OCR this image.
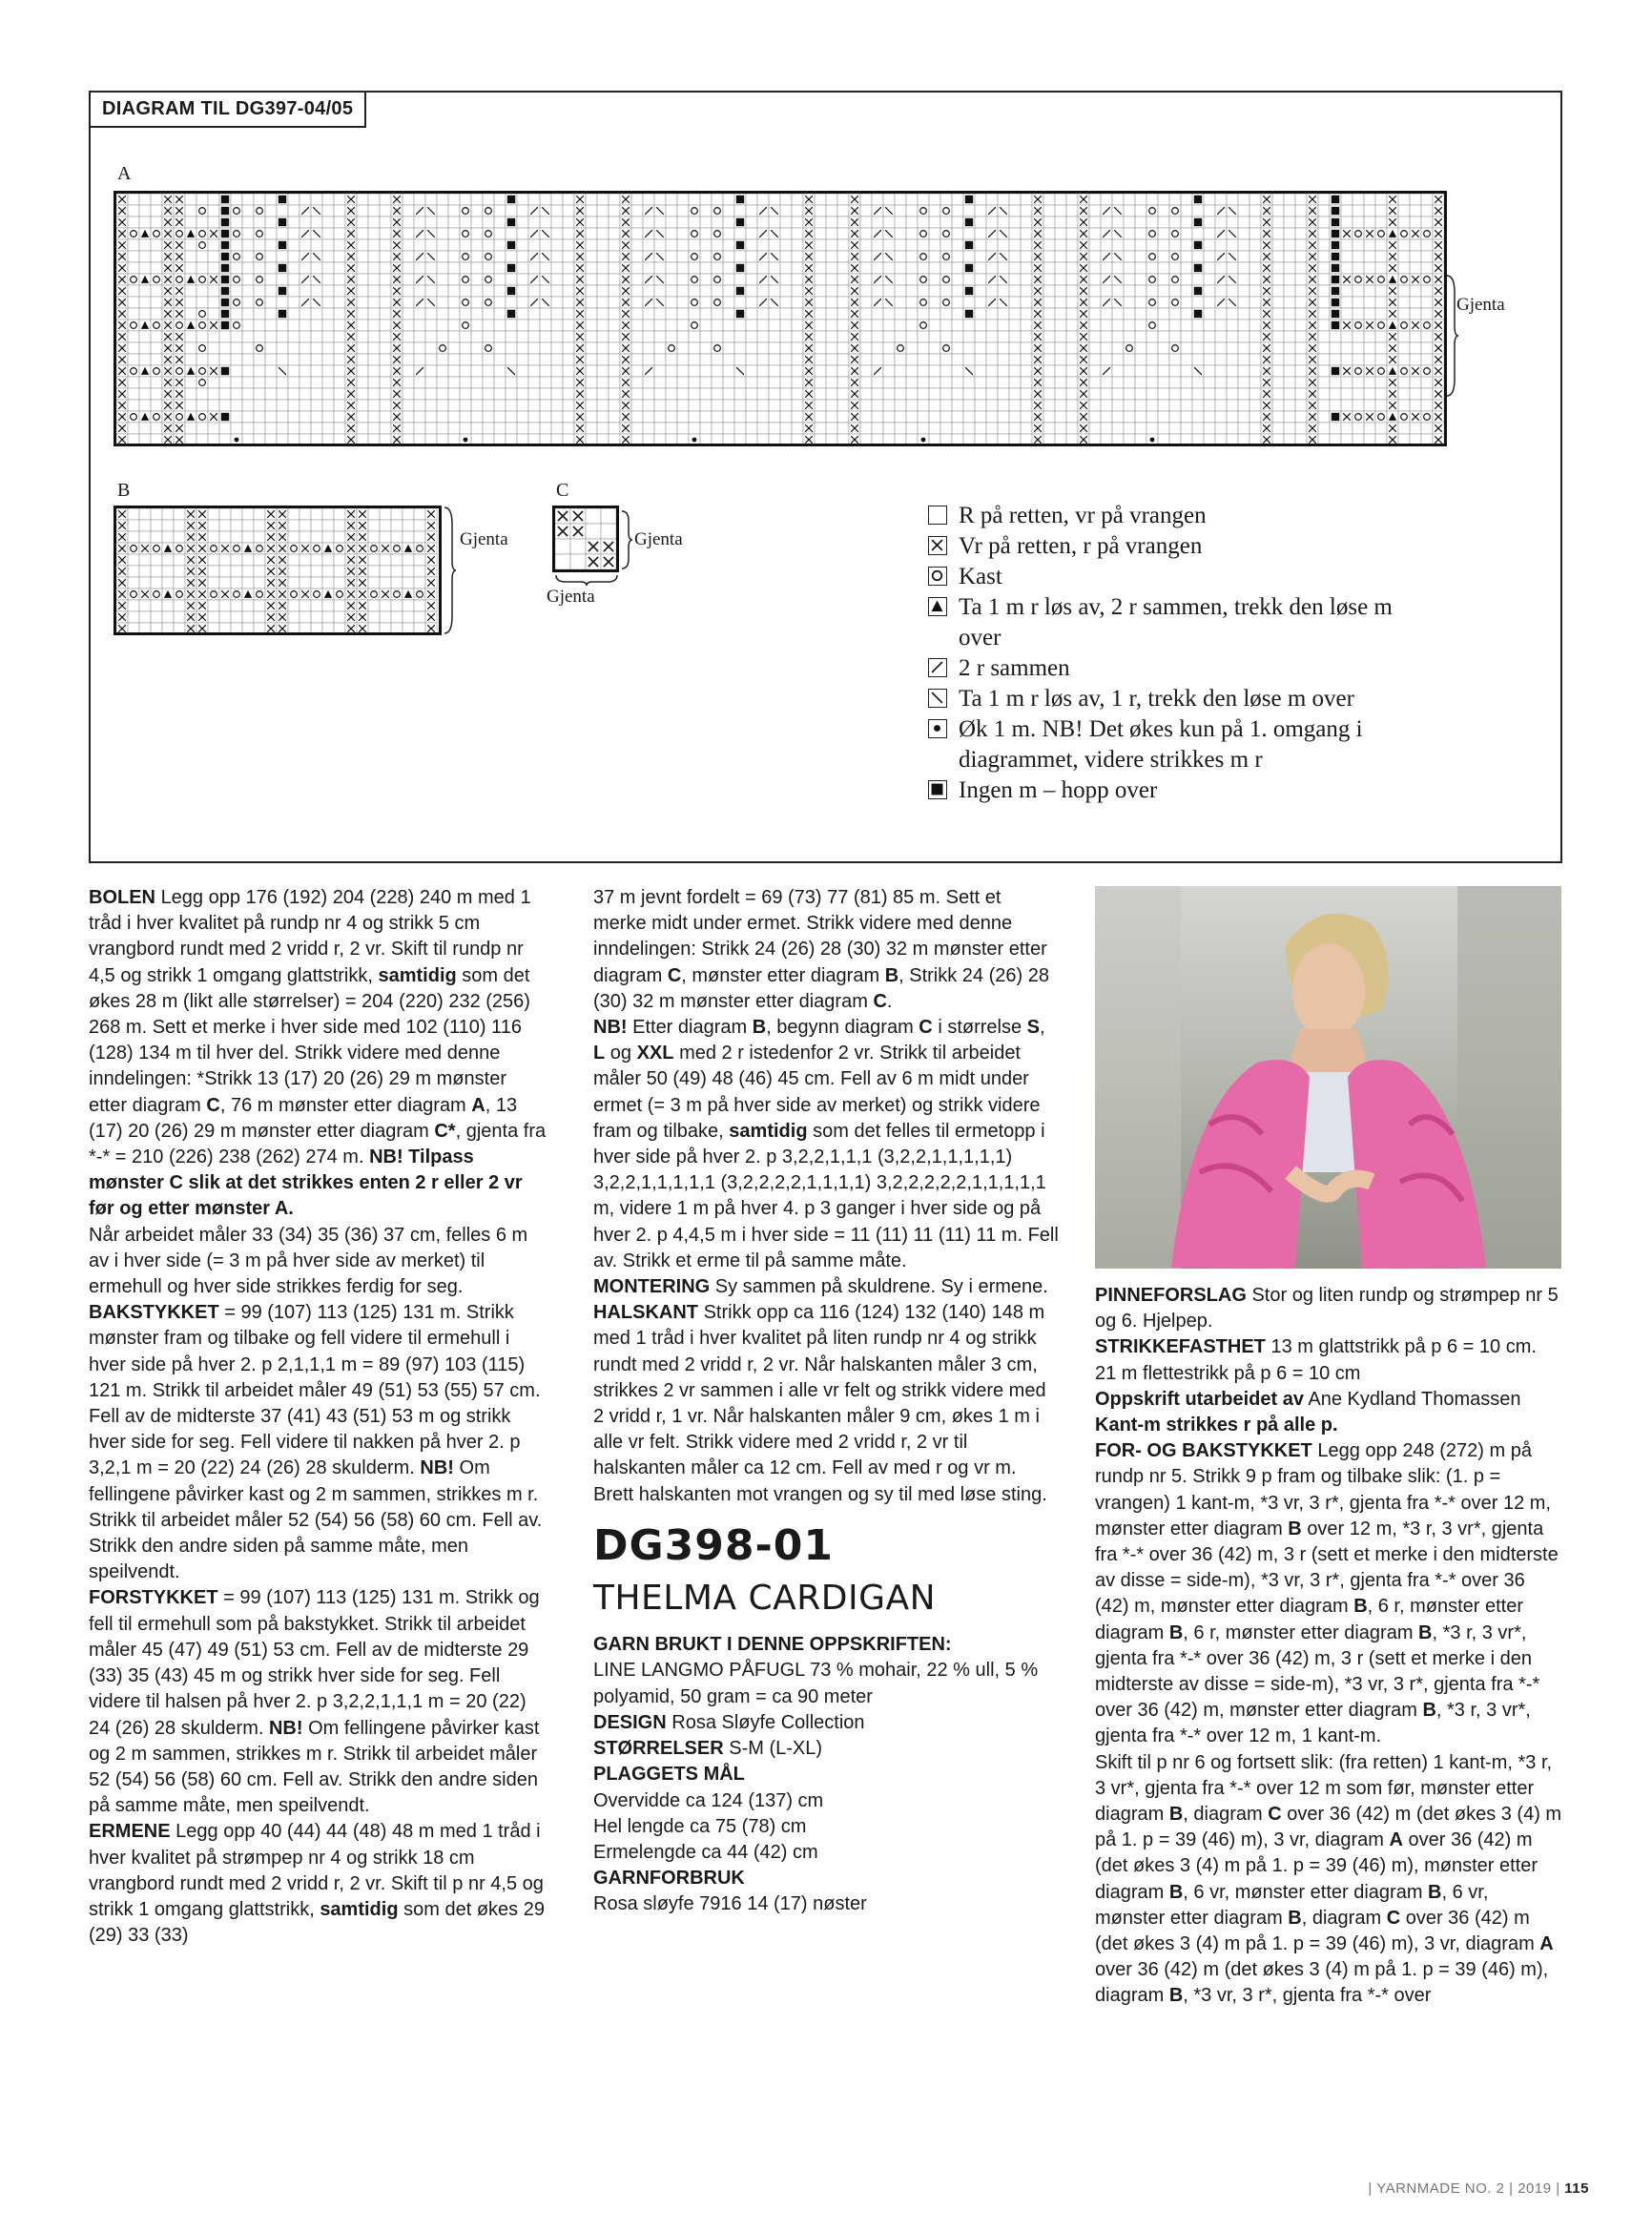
DIAGRAM TIL DG397-04/05
A
Gjenta
B
Gjenta
C
Gjenta
Gjenta
R på retten, vr på vrangen
Vr på retten, r på vrangen
Kast
Ta 1 m r løs av, 2 r sammen, trekk den løse m over
2 r sammen
Ta 1 m r løs av, 1 r, trekk den løse m over
Øk 1 m. NB! Det økes kun på 1. omgang i diagrammet, videre strikkes m r
Ingen m – hopp over

BOLEN Legg opp 176 (192) 204 (228) 240 m med 1 tråd i hver kvalitet på rundp nr 4 og strikk 5 cm vrangbord rundt med 2 vridd r, 2 vr. Skift til rundp nr 4,5 og strikk 1 omgang glattstrikk, samtidig som det økes 28 m (likt alle størrelser) = 204 (220) 232 (256) 268 m. Sett et merke i hver side med 102 (110) 116 (128) 134 m til hver del. Strikk videre med denne inndelingen: *Strikk 13 (17) 20 (26) 29 m mønster etter diagram C, 76 m mønster etter diagram A, 13 (17) 20 (26) 29 m mønster etter diagram C*, gjenta fra *-* = 210 (226) 238 (262) 274 m. NB! Tilpass mønster C slik at det strikkes enten 2 r eller 2 vr før og etter mønster A.

Når arbeidet måler 33 (34) 35 (36) 37 cm, felles 6 m av i hver side (= 3 m på hver side av merket) til ermehull og hver side strikkes ferdig for seg.

BAKSTYKKET = 99 (107) 113 (125) 131 m. Strikk mønster fram og tilbake og fell videre til ermehull i hver side på hver 2. p 2,1,1,1 m = 89 (97) 103 (115) 121 m. Strikk til arbeidet måler 49 (51) 53 (55) 57 cm. Fell av de midterste 37 (41) 43 (51) 53 m og strikk hver side for seg. Fell videre til nakken på hver 2. p 3,2,1 m = 20 (22) 24 (26) 28 skulderm. NB! Om fellingene påvirker kast og 2 m sammen, strikkes m r. Strikk til arbeidet måler 52 (54) 56 (58) 60 cm. Fell av. Strikk den andre siden på samme måte, men speilvendt.

FORSTYKKET = 99 (107) 113 (125) 131 m. Strikk og fell til ermehull som på bakstykket. Strikk til arbeidet måler 45 (47) 49 (51) 53 cm. Fell av de midterste 29 (33) 35 (43) 45 m og strikk hver side for seg. Fell videre til halsen på hver 2. p 3,2,2,1,1,1 m = 20 (22) 24 (26) 28 skulderm. NB! Om fellingene påvirker kast og 2 m sammen, strikkes m r. Strikk til arbeidet måler 52 (54) 56 (58) 60 cm. Fell av. Strikk den andre siden på samme måte, men speilvendt.

ERMENE Legg opp 40 (44) 44 (48) 48 m med 1 tråd i hver kvalitet på strømpep nr 4 og strikk 18 cm vrangbord rundt med 2 vridd r, 2 vr. Skift til p nr 4,5 og strikk 1 omgang glattstrikk, samtidig som det økes 29 (29) 33 (33)

37 m jevnt fordelt = 69 (73) 77 (81) 85 m. Sett et merke midt under ermet. Strikk videre med denne inndelingen: Strikk 24 (26) 28 (30) 32 m mønster etter diagram C, mønster etter diagram B, Strikk 24 (26) 28 (30) 32 m mønster etter diagram C.
NB! Etter diagram B, begynn diagram C i størrelse S, L og XXL med 2 r istedenfor 2 vr. Strikk til arbeidet måler 50 (49) 48 (46) 45 cm. Fell av 6 m midt under ermet (= 3 m på hver side av merket) og strikk videre fram og tilbake, samtidig som det felles til ermetopp i hver side på hver 2. p 3,2,2,1,1,1 (3,2,2,1,1,1,1,1) 3,2,2,1,1,1,1,1 (3,2,2,2,2,1,1,1,1) 3,2,2,2,2,2,1,1,1,1,1 m, videre 1 m på hver 4. p 3 ganger i hver side og på hver 2. p 4,4,5 m i hver side = 11 (11) 11 (11) 11 m. Fell av. Strikk et erme til på samme måte.

MONTERING Sy sammen på skuldrene. Sy i ermene.

HALSKANT Strikk opp ca 116 (124) 132 (140) 148 m med 1 tråd i hver kvalitet på liten rundp nr 4 og strikk rundt med 2 vridd r, 2 vr. Når halskanten måler 3 cm, strikkes 2 vr sammen i alle vr felt og strikk videre med 2 vridd r, 1 vr. Når halskanten måler 9 cm, økes 1 m i alle vr felt. Strikk videre med 2 vridd r, 2 vr til halskanten måler ca 12 cm. Fell av med r og vr m. Brett halskanten mot vrangen og sy til med løse sting.

DG398-01
THELMA CARDIGAN

GARN BRUKT I DENNE OPPSKRIFTEN:

LINE LANGMO PÅFUGL 73 % mohair, 22 % ull, 5 % polyamid, 50 gram = ca 90 meter

DESIGN Rosa Sløyfe Collection

STØRRELSER S-M (L-XL)

PLAGGETS MÅL

Overvidde ca 124 (137) cm

Hel lengde ca 75 (78) cm

Ermelengde ca 44 (42) cm

GARNFORBRUK

Rosa sløyfe 7916 14 (17) nøster

PINNEFORSLAG Stor og liten rundp og strømpep nr 5 og 6. Hjelpep.

STRIKKEFASTHET 13 m glattstrikk på p 6 = 10 cm. 21 m flettestrikk på p 6 = 10 cm

Oppskrift utarbeidet av Ane Kydland Thomassen

Kant-m strikkes r på alle p.

FOR- OG BAKSTYKKET Legg opp 248 (272) m på rundp nr 5. Strikk 9 p fram og tilbake slik: (1. p = vrangen) 1 kant-m, *3 vr, 3 r*, gjenta fra *-* over 12 m, mønster etter diagram B over 12 m, *3 r, 3 vr*, gjenta fra *-* over 36 (42) m, 3 r (sett et merke i den midterste av disse = side-m), *3 vr, 3 r*, gjenta fra *-* over 36 (42) m, mønster etter diagram B, 6 r, mønster etter diagram B, 6 r, mønster etter diagram B, *3 r, 3 vr*, gjenta fra *-* over 36 (42) m, 3 r (sett et merke i den midterste av disse = side-m), *3 vr, 3 r*, gjenta fra *-* over 36 (42) m, mønster etter diagram B, *3 r, 3 vr*, gjenta fra *-* over 12 m, 1 kant-m.

Skift til p nr 6 og fortsett slik: (fra retten) 1 kant-m, *3 r, 3 vr*, gjenta fra *-* over 12 m som før, mønster etter diagram B, diagram C over 36 (42) m (det økes 3 (4) m på 1. p = 39 (46) m), 3 vr, diagram A over 36 (42) m (det økes 3 (4) m på 1. p = 39 (46) m), mønster etter diagram B, 6 vr, mønster etter diagram B, 6 vr, mønster etter diagram B, diagram C over 36 (42) m (det økes 3 (4) m på 1. p = 39 (46) m), 3 vr, diagram A over 36 (42) m (det økes 3 (4) m på 1. p = 39 (46) m), diagram B, *3 vr, 3 r*, gjenta fra *-* over

| YARNMADE NO. 2 | 2019 | 115
